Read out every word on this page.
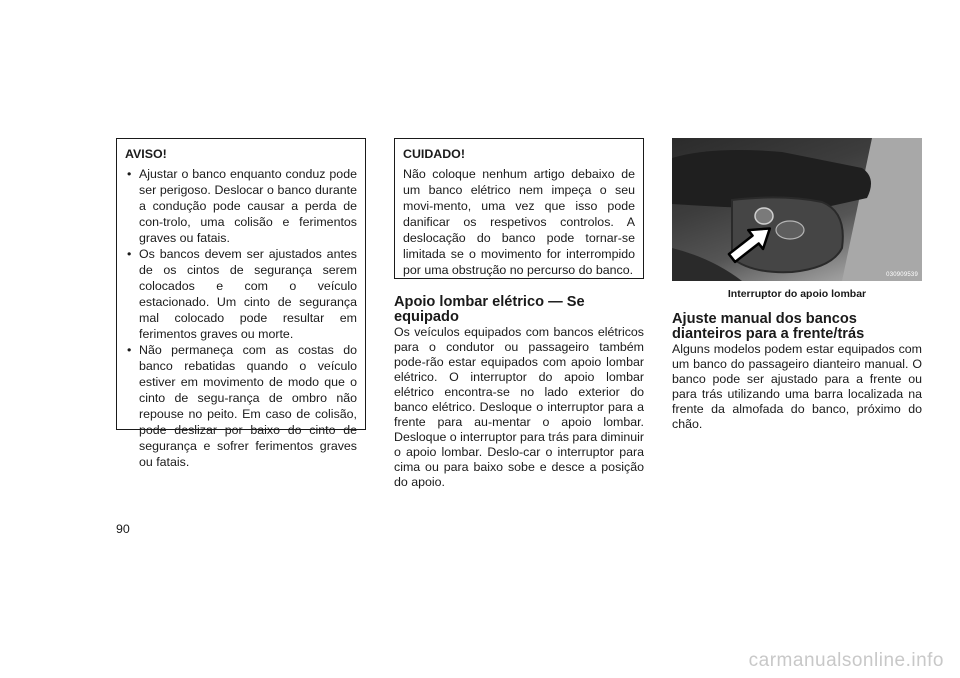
AVISO!
• Ajustar o banco enquanto conduz pode ser perigoso. Deslocar o banco durante a condução pode causar a perda de con-trolo, uma colisão e ferimentos graves ou fatais.
• Os bancos devem ser ajustados antes de os cintos de segurança serem colocados e com o veículo estacionado. Um cinto de segurança mal colocado pode resultar em ferimentos graves ou morte.
• Não permaneça com as costas do banco rebatidas quando o veículo estiver em movimento de modo que o cinto de segu-rança de ombro não repouse no peito. Em caso de colisão, pode deslizar por baixo do cinto de segurança e sofrer ferimentos graves ou fatais.
CUIDADO!

Não coloque nenhum artigo debaixo de um banco elétrico nem impeça o seu movi-mento, uma vez que isso pode danificar os respetivos controlos. A deslocação do banco pode tornar-se limitada se o movimento for interrompido por uma obstrução no percurso do banco.

Apoio lombar elétrico — Se equipado

Os veículos equipados com bancos elétricos para o condutor ou passageiro também pode-rão estar equipados com apoio lombar elétrico. O interruptor do apoio lombar elétrico encontra-se no lado exterior do banco elétrico. Desloque o interruptor para a frente para au-mentar o apoio lombar. Desloque o interruptor para trás para diminuir o apoio lombar. Deslo-car o interruptor para cima ou para baixo sobe e desce a posição do apoio.

030909539
Interruptor do apoio lombar
Ajuste manual dos bancos dianteiros para a frente/trás

Alguns modelos podem estar equipados com um banco do passageiro dianteiro manual. O banco pode ser ajustado para a frente ou para trás utilizando uma barra localizada na frente da almofada do banco, próximo do chão.

90
carmanualsonline.info
